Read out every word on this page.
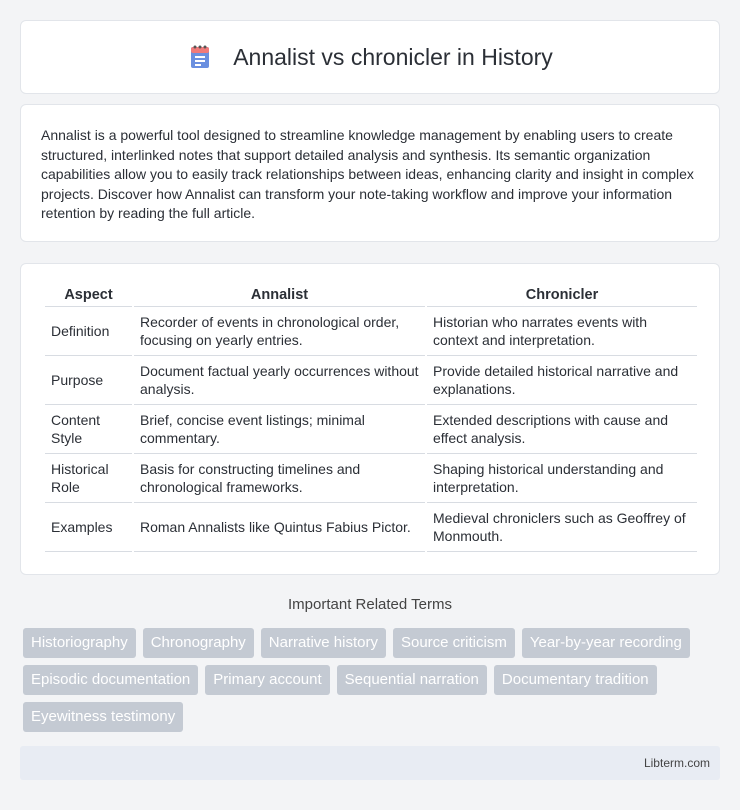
Annalist vs chronicler in History

Annalist is a powerful tool designed to streamline knowledge management by enabling users to create structured, interlinked notes that support detailed analysis and synthesis. Its semantic organization capabilities allow you to easily track relationships between ideas, enhancing clarity and insight in complex projects. Discover how Annalist can transform your note-taking workflow and improve your information retention by reading the full article.

Aspect	Annalist	Chronicler
Definition	Recorder of events in chronological order, focusing on yearly entries.	Historian who narrates events with context and interpretation.
Purpose	Document factual yearly occurrences without analysis.	Provide detailed historical narrative and explanations.
Content Style	Brief, concise event listings; minimal commentary.	Extended descriptions with cause and effect analysis.
Historical Role	Basis for constructing timelines and chronological frameworks.	Shaping historical understanding and interpretation.
Examples	Roman Annalists like Quintus Fabius Pictor.	Medieval chroniclers such as Geoffrey of Monmouth.
Important Related Terms
Historiography	Chronography	Narrative history	Source criticism	Year-by-year recording
Episodic documentation	Primary account	Sequential narration	Documentary tradition
Eyewitness testimony
Libterm.com
